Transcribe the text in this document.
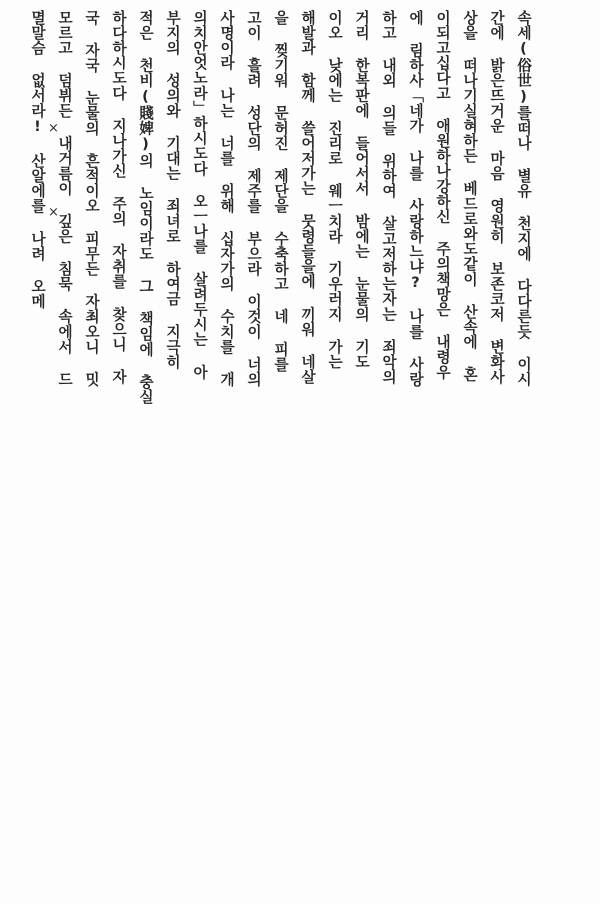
속세(俗世)를떠나 별유 천지에 다다른듯 이시
간에 밝은뜨거운 마음 영원히 보존코저 변화사
상을 떠나기실혀하든 베드로와도같이 산속에 혼
이되고십다고 애원하나강하신 주의책망은 내령우
에 림하사「네가 나를 사랑하느냐? 나를 사랑
하고 내외 의들 위하여 살고저하는자는 죄악의
거리 한복판에 들어서서 밤에는 눈물의 기도
이오 낮에는 진리로 웨ㅡ치라 기우러지 가는
해발과 함께 쓸어저가는 뭇령들을에 끼워 네살
을 찢기워 문허진 제단을 수축하고 네 피를
고이 흘려 성단의 제주를 부으라 이것이 너의
사명이라 나는 너를 위해 십자가의 수치를 개
의치안엇노라」하시도다 오ㅡ나를 살려두시는 아
부지의 성의와 기대는 죄녀로 하여금 지극히
적은 천비(賤婢)의 노임이라도 그 책임에 충실
하다하시도다 지나가신 주의 자취를 찾으니 자
국 자국 눈물의 흔적이오 피무든 자최오니 밋
모르고 덤뷔든 내거름이 깊은 침묵 속에서 드
멸말슴 없서라! 산알에를 나려 오메 ×
×
